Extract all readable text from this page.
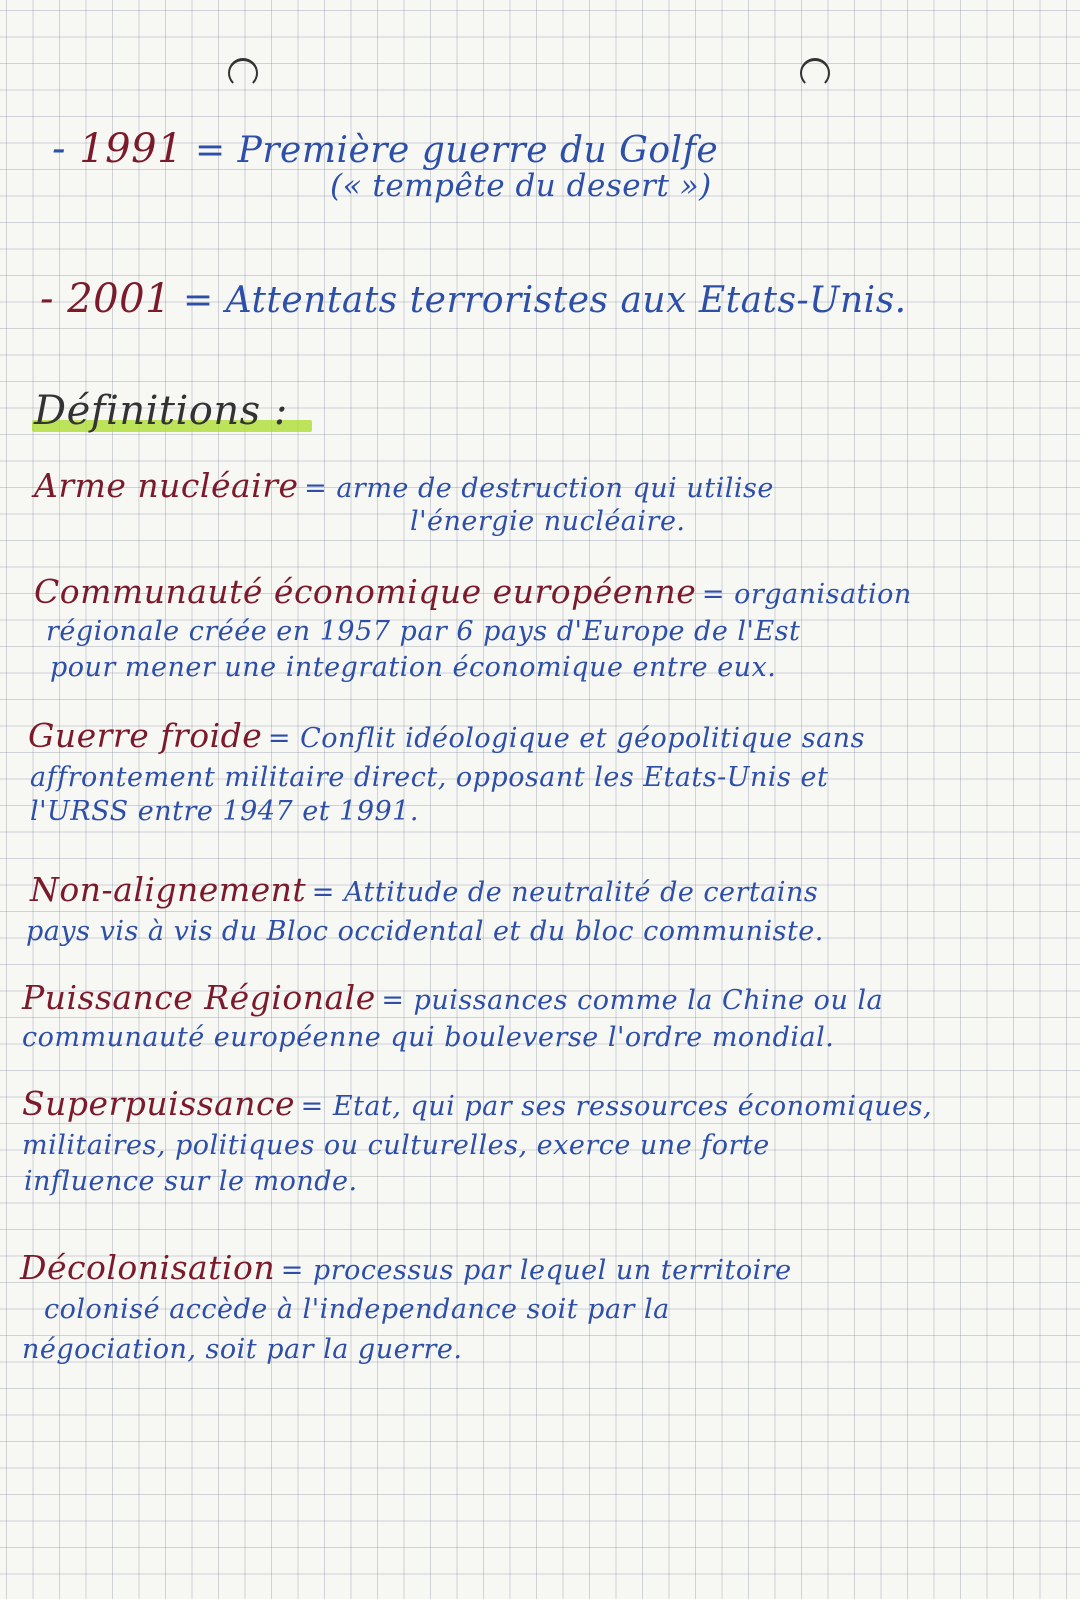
- 1991 = Première guerre du Golfe
(« tempête du desert »)
- 2001 = Attentats terroristes aux Etats-Unis.
Définitions :
Arme nucléaire = arme de destruction qui utilise
l'énergie nucléaire.
Communauté économique européenne = organisation
régionale créée en 1957 par 6 pays d'Europe de l'Est
pour mener une integration économique entre eux.
Guerre froide = Conflit idéologique et géopolitique sans
affrontement militaire direct, opposant les Etats-Unis et
l'URSS entre 1947 et 1991.
Non-alignement = Attitude de neutralité de certains
pays vis à vis du Bloc occidental et du bloc communiste.
Puissance Régionale = puissances comme la Chine ou la
communauté européenne qui bouleverse l'ordre mondial.
Superpuissance = Etat, qui par ses ressources économiques,
militaires, politiques ou culturelles, exerce une forte
influence sur le monde.
Décolonisation = processus par lequel un territoire
colonisé accède à l'independance soit par la
négociation, soit par la guerre.
